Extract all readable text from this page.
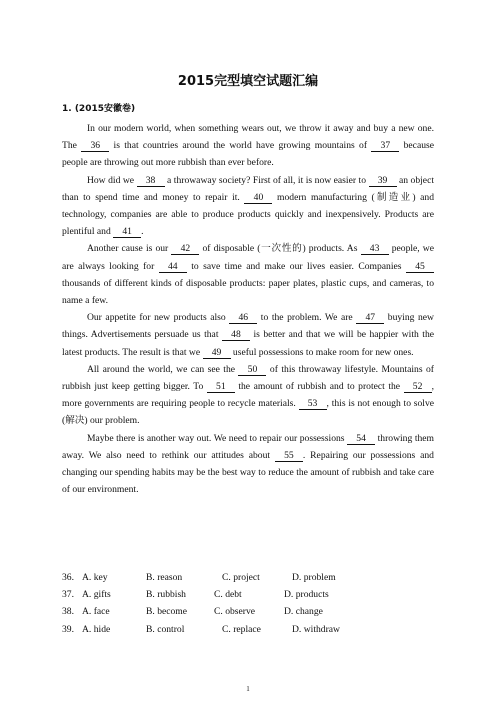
2015完型填空试题汇编
1. (2015安徽卷)

In our modern world, when something wears out, we throw it away and buy a new one. The 36 is that countries around the world have growing mountains of 37 because people are throwing out more rubbish than ever before.

How did we 38 a throwaway society? First of all, it is now easier to 39 an object than to spend time and money to repair it. 40 modern manufacturing (制造业) and technology, companies are able to produce products quickly and inexpensively. Products are plentiful and 41 .

Another cause is our 42 of disposable (一次性的) products. As 43 people, we are always looking for 44 to save time and make our lives easier. Companies 45 thousands of different kinds of disposable products: paper plates, plastic cups, and cameras, to name a few.

Our appetite for new products also 46 to the problem. We are 47 buying new things. Advertisements persuade us that 48 is better and that we will be happier with the latest products. The result is that we 49 useful possessions to make room for new ones.

All around the world, we can see the 50 of this throwaway lifestyle. Mountains of rubbish just keep getting bigger. To 51 the amount of rubbish and to protect the 52 , more governments are requiring people to recycle materials. 53 , this is not enough to solve (解决) our problem.

Maybe there is another way out. We need to repair our possessions 54 throwing them away. We also need to rethink our attitudes about 55 . Repairing our possessions and changing our spending habits may be the best way to reduce the amount of rubbish and take care of our environment.

36. A. key	B. reason	C. project	D. problem
37. A. gifts	B. rubbish	C. debt	D. products
38. A. face	B. become	C. observe	D. change
39. A. hide	B. control	C. replace	D. withdraw
1
